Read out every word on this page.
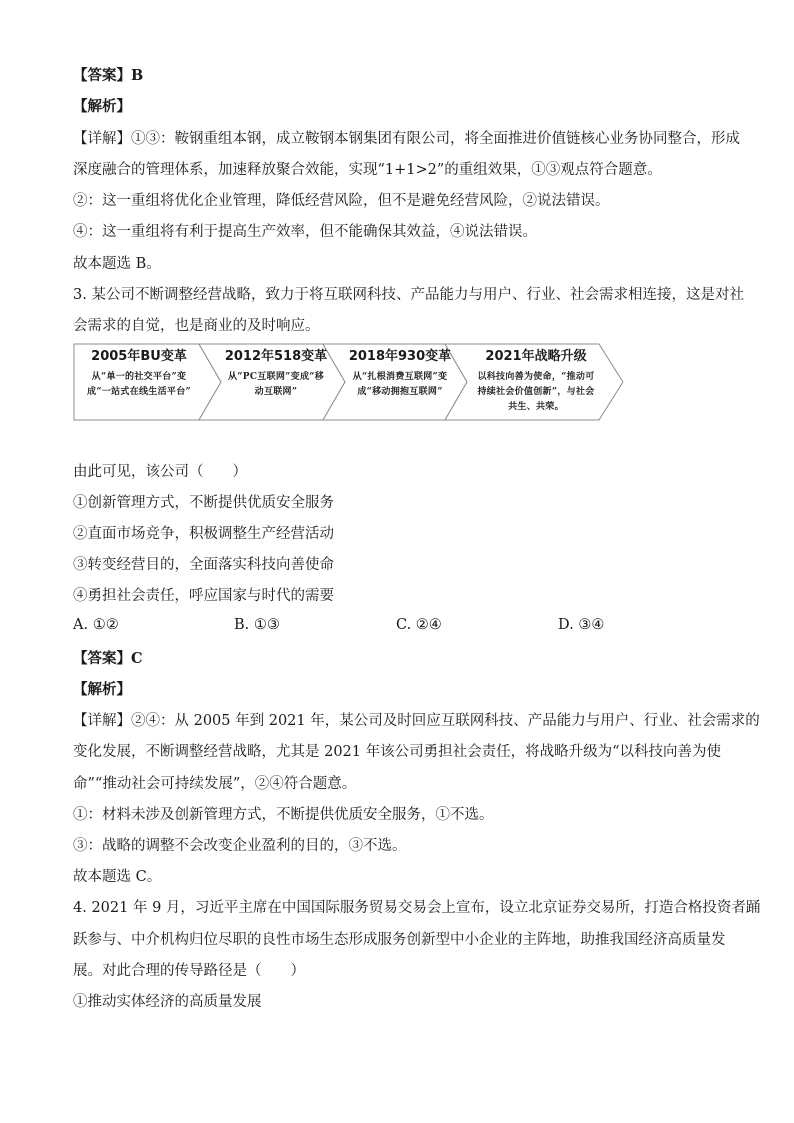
【答案】B
【解析】
【详解】①③：鞍钢重组本钢，成立鞍钢本钢集团有限公司，将全面推进价值链核心业务协同整合，形成
深度融合的管理体系，加速释放聚合效能，实现“1+1>2”的重组效果，①③观点符合题意。
②：这一重组将优化企业管理，降低经营风险，但不是避免经营风险，②说法错误。
④：这一重组将有利于提高生产效率，但不能确保其效益，④说法错误。
故本题选 B。
3. 某公司不断调整经营战略，致力于将互联网科技、产品能力与用户、行业、社会需求相连接，这是对社
会需求的自觉，也是商业的及时响应。
2005年BU变革
从“单一的社交平台”变成“一站式在线生活平台”
2012年518变革
从“PC互联网”变成“移动互联网”
2018年930变革
从“扎根消费互联网”变成“移动拥抱互联网”
2021年战略升级
以科技向善为使命，“推动可持续社会价值创新”，与社会共生、共荣。
由此可见，该公司（　　）
①创新管理方式，不断提供优质安全服务
②直面市场竞争，积极调整生产经营活动
③转变经营目的，全面落实科技向善使命
④勇担社会责任，呼应国家与时代的需要
A. ①②	B. ①③	C. ②④	D. ③④
【答案】C
【解析】
【详解】②④：从 2005 年到 2021 年，某公司及时回应互联网科技、产品能力与用户、行业、社会需求的
变化发展，不断调整经营战略，尤其是 2021 年该公司勇担社会责任，将战略升级为“以科技向善为使
命”“推动社会可持续发展”，②④符合题意。
①：材料未涉及创新管理方式，不断提供优质安全服务，①不选。
③：战略的调整不会改变企业盈利的目的，③不选。
故本题选 C。
4. 2021 年 9 月，习近平主席在中国国际服务贸易交易会上宣布，设立北京证券交易所，打造合格投资者踊
跃参与、中介机构归位尽职的良性市场生态形成服务创新型中小企业的主阵地，助推我国经济高质量发
展。对此合理的传导路径是（　　）
①推动实体经济的高质量发展
